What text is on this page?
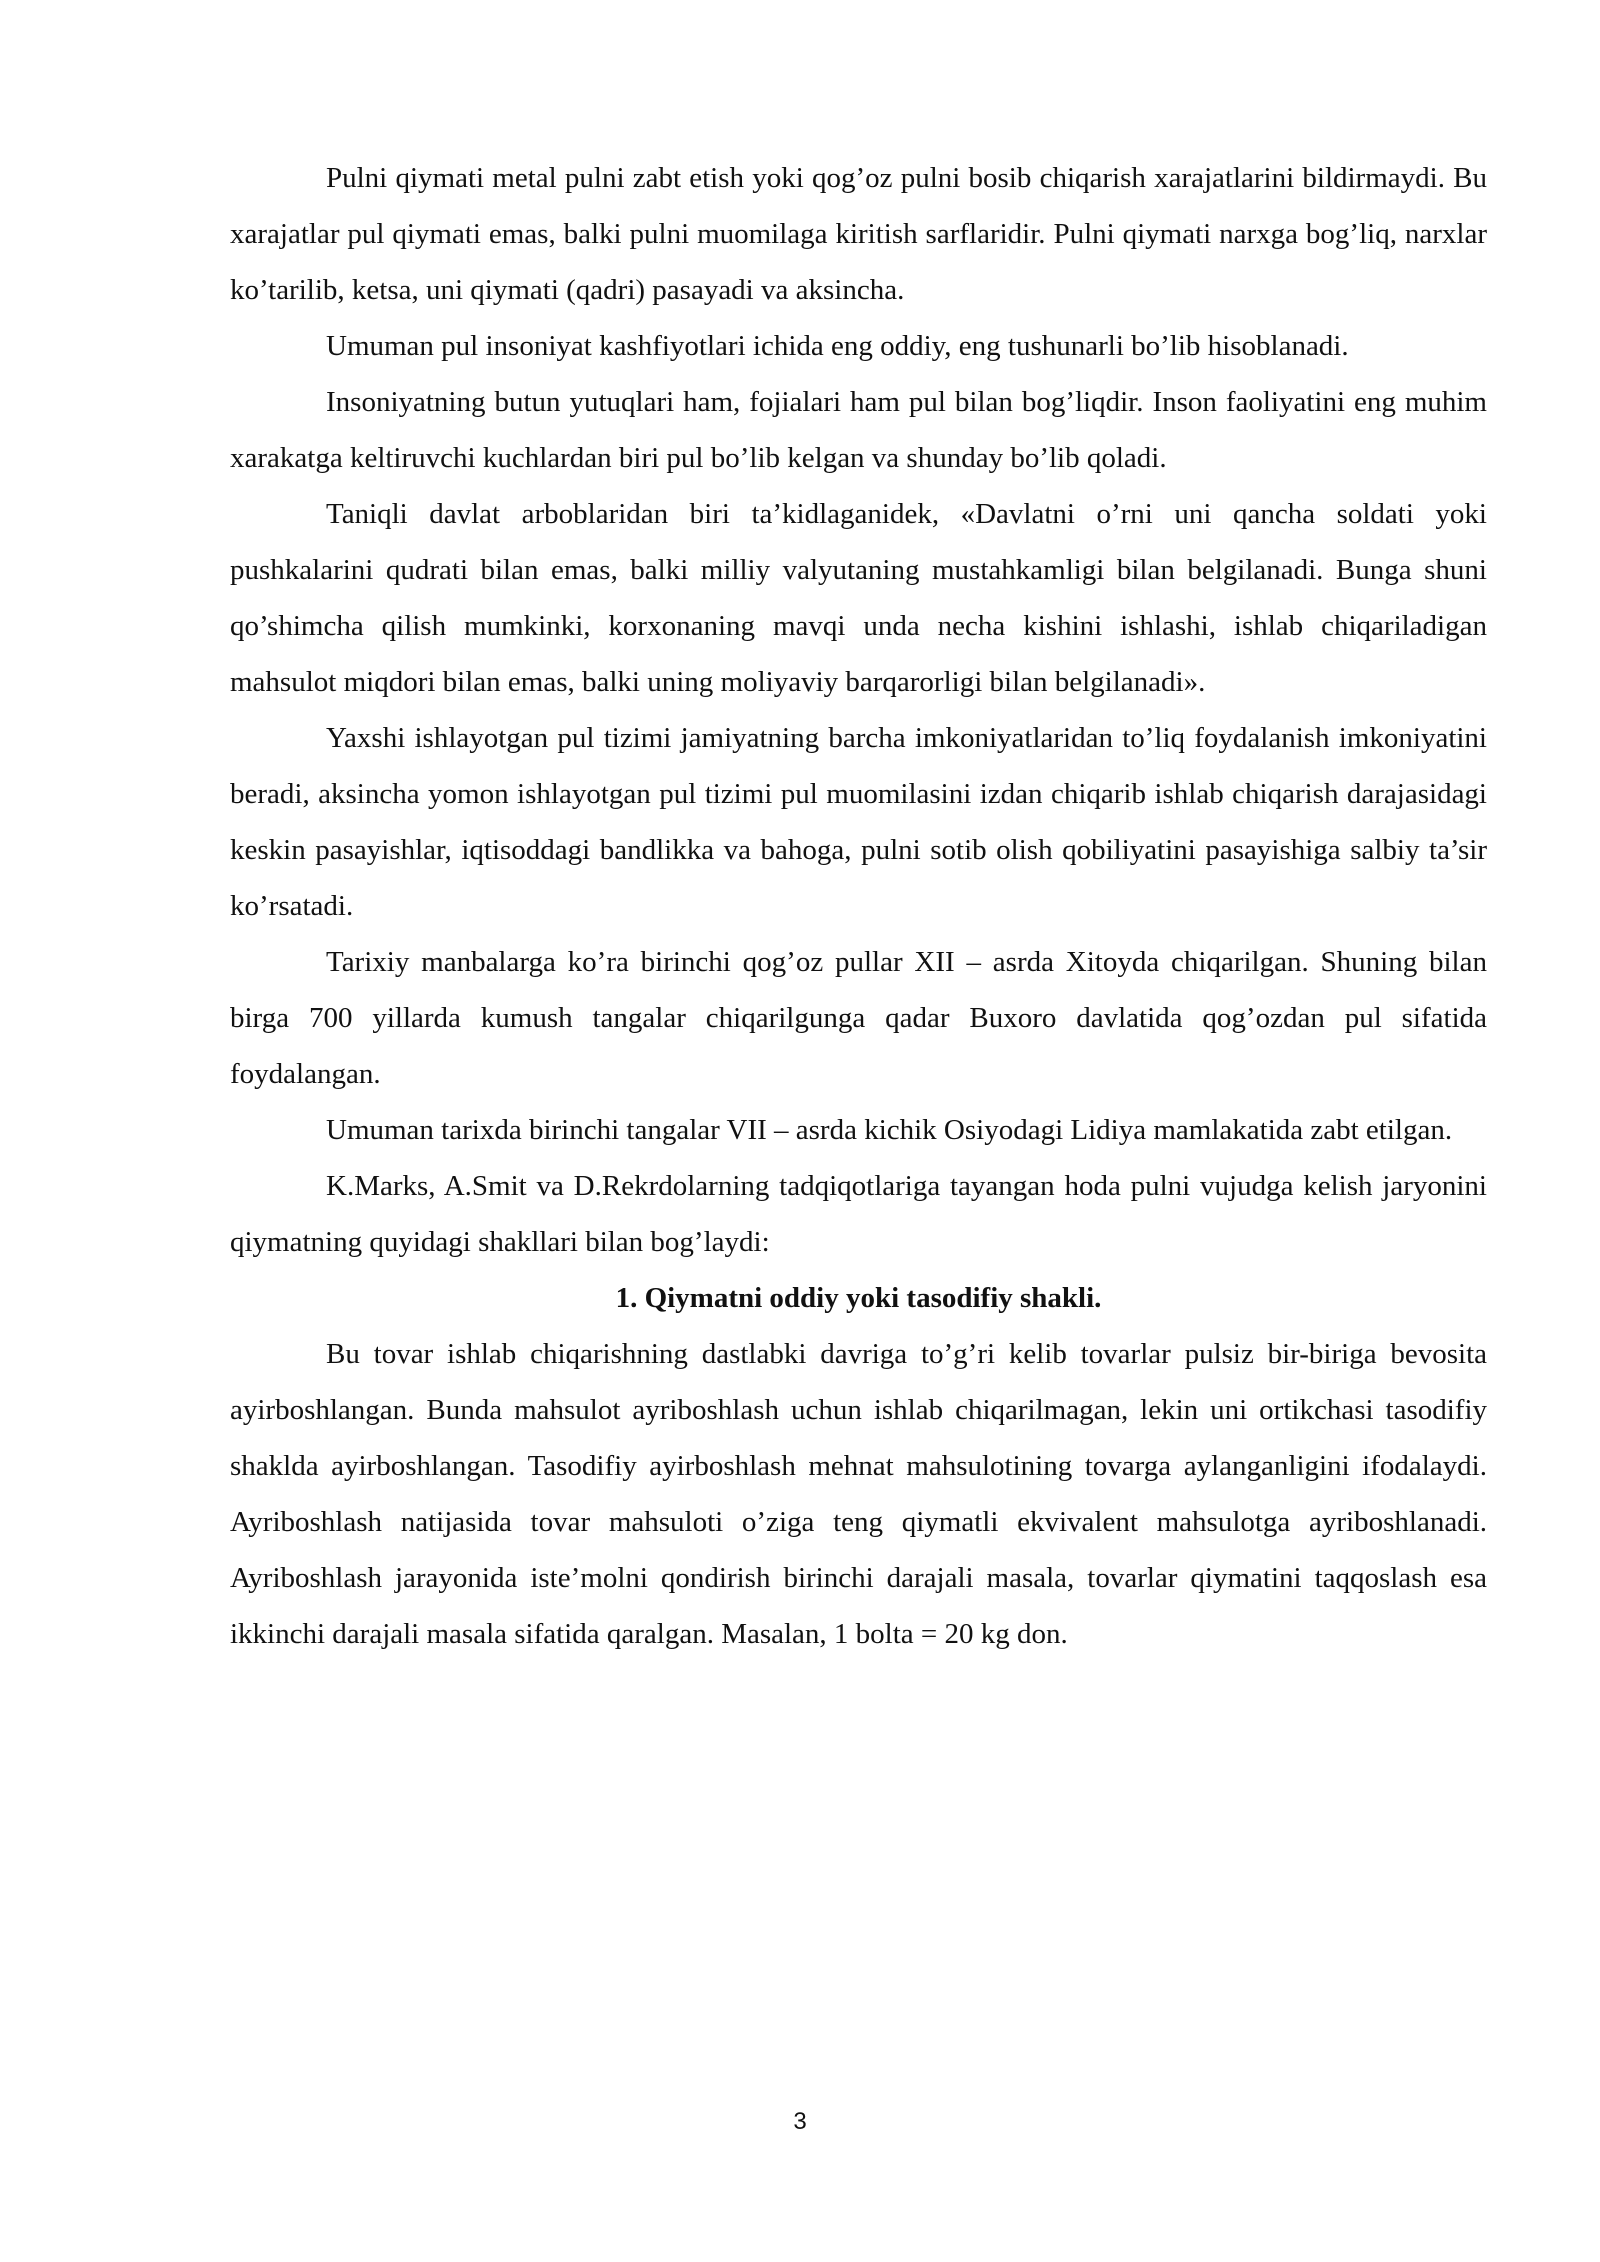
Pulni qiymati metal pulni zabt etish yoki qog’oz pulni bosib chiqarish xarajatlarini bildirmaydi. Bu xarajatlar pul qiymati emas, balki pulni muomilaga kiritish sarflaridir. Pulni qiymati narxga bog’liq, narxlar ko’tarilib, ketsa, uni qiymati (qadri) pasayadi va aksincha.

Umuman pul insoniyat kashfiyotlari ichida eng oddiy, eng tushunarli bo’lib hisoblanadi.

Insoniyatning butun yutuqlari ham, fojialari ham pul bilan bog’liqdir. Inson faoliyatini eng muhim xarakatga keltiruvchi kuchlardan biri pul bo’lib kelgan va shunday bo’lib qoladi.

Taniqli davlat arboblaridan biri ta’kidlaganidek, «Davlatni o’rni uni qancha soldati yoki pushkalarini qudrati bilan emas, balki milliy valyutaning mustahkamligi bilan belgilanadi. Bunga shuni qo’shimcha qilish mumkinki, korxonaning mavqi unda necha kishini ishlashi, ishlab chiqariladigan mahsulot miqdori bilan emas, balki uning moliyaviy barqarorligi bilan belgilanadi».

Yaxshi ishlayotgan pul tizimi jamiyatning barcha imkoniyatlaridan to’liq foydalanish imkoniyatini beradi, aksincha yomon ishlayotgan pul tizimi pul muomilasini izdan chiqarib ishlab chiqarish darajasidagi keskin pasayishlar, iqtisoddagi bandlikka va bahoga, pulni sotib olish qobiliyatini pasayishiga salbiy ta’sir ko’rsatadi.

Tarixiy manbalarga ko’ra birinchi qog’oz pullar XII – asrda Xitoyda chiqarilgan. Shuning bilan birga 700 yillarda kumush tangalar chiqarilgunga qadar Buxoro davlatida qog’ozdan pul sifatida foydalangan.

Umuman tarixda birinchi tangalar VII – asrda kichik Osiyodagi Lidiya mamlakatida zabt etilgan.

K.Marks, A.Smit va D.Rekrdolarning tadqiqotlariga tayangan hoda pulni vujudga kelish jaryonini qiymatning quyidagi shakllari bilan bog’laydi:

1. Qiymatni oddiy yoki tasodifiy shakli.

Bu tovar ishlab chiqarishning dastlabki davriga to’g’ri kelib tovarlar pulsiz bir-biriga bevosita ayirboshlangan. Bunda mahsulot ayriboshlash uchun ishlab chiqarilmagan, lekin uni ortikchasi tasodifiy shaklda ayirboshlangan. Tasodifiy ayirboshlash mehnat mahsulotining tovarga aylanganligini ifodalaydi. Ayriboshlash natijasida tovar mahsuloti o’ziga teng qiymatli ekvivalent mahsulotga ayriboshlanadi. Ayriboshlash jarayonida iste’molni qondirish birinchi darajali masala, tovarlar qiymatini taqqoslash esa ikkinchi darajali masala sifatida qaralgan. Masalan, 1 bolta = 20 kg don.

3
